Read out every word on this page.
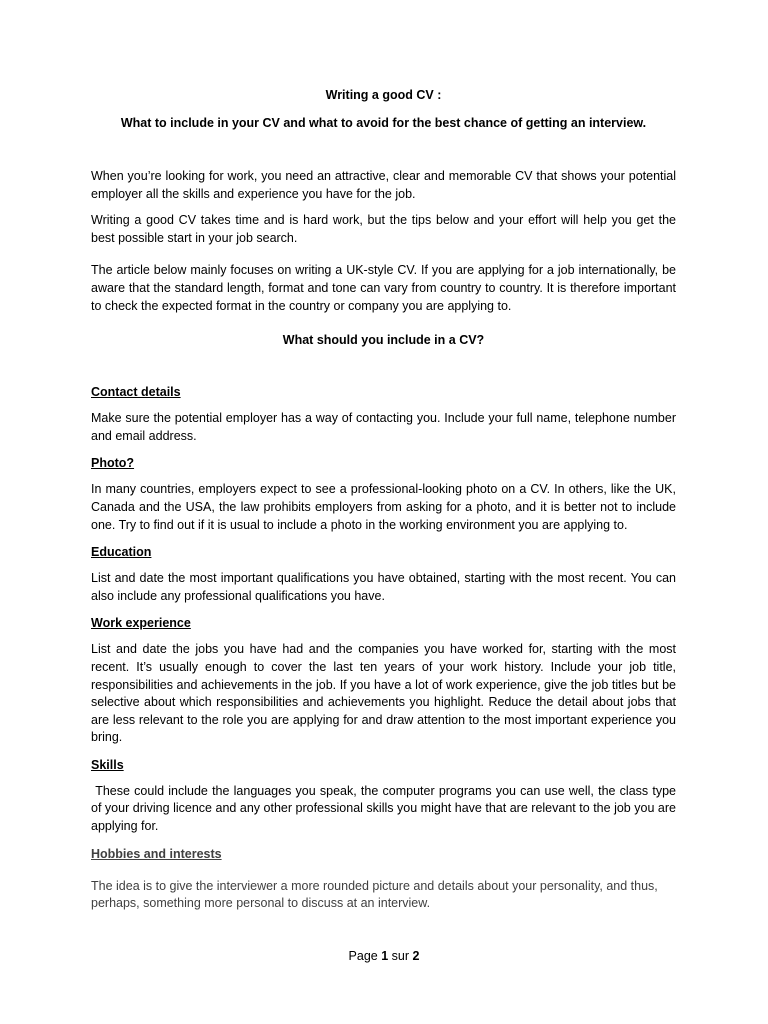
Writing a good CV :

What to include in your CV and what to avoid for the best chance of getting an interview.

When you’re looking for work, you need an attractive, clear and memorable CV that shows your potential employer all the skills and experience you have for the job.

Writing a good CV takes time and is hard work, but the tips below and your effort will help you get the best possible start in your job search.

The article below mainly focuses on writing a UK-style CV. If you are applying for a job internationally, be aware that the standard length, format and tone can vary from country to country. It is therefore important to check the expected format in the country or company you are applying to.

What should you include in a CV?

Contact details

Make sure the potential employer has a way of contacting you. Include your full name, telephone number and email address.

Photo?

In many countries, employers expect to see a professional-looking photo on a CV. In others, like the UK, Canada and the USA, the law prohibits employers from asking for a photo, and it is better not to include one. Try to find out if it is usual to include a photo in the working environment you are applying to.

Education

List and date the most important qualifications you have obtained, starting with the most recent. You can also include any professional qualifications you have.

Work experience

List and date the jobs you have had and the companies you have worked for, starting with the most recent. It’s usually enough to cover the last ten years of your work history. Include your job title, responsibilities and achievements in the job. If you have a lot of work experience, give the job titles but be selective about which responsibilities and achievements you highlight. Reduce the detail about jobs that are less relevant to the role you are applying for and draw attention to the most important experience you bring.

Skills

These could include the languages you speak, the computer programs you can use well, the class type of your driving licence and any other professional skills you might have that are relevant to the job you are applying for.

Hobbies and interests

The idea is to give the interviewer a more rounded picture and details about your personality, and thus, perhaps, something more personal to discuss at an interview.

Page 1 sur 2
